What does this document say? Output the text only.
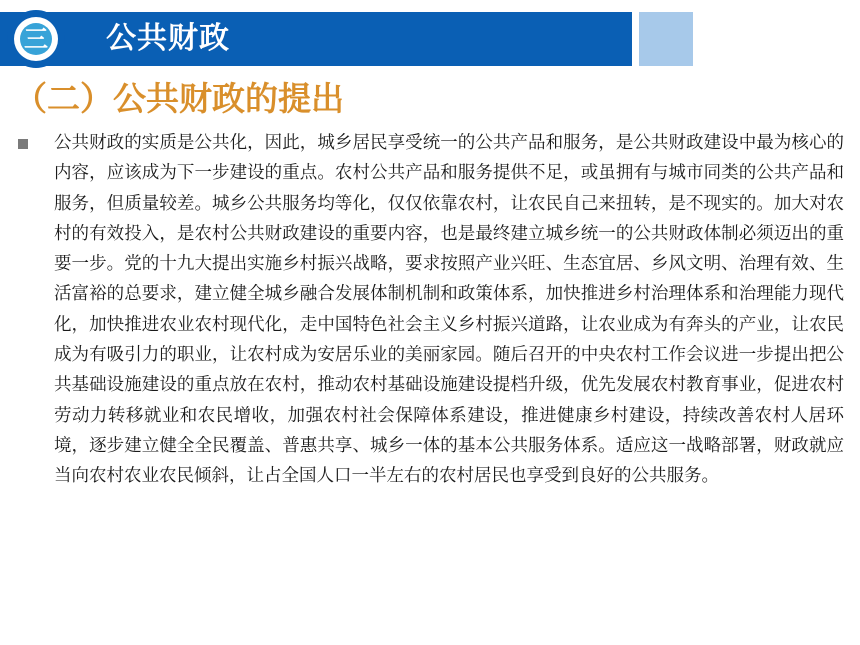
三 公共财政
（二）公共财政的提出
公共财政的实质是公共化，因此，城乡居民享受统一的公共产品和服务，是公共财政建设中最为核心的内容，应该成为下一步建设的重点。农村公共产品和服务提供不足，或虽拥有与城市同类的公共产品和服务，但质量较差。城乡公共服务均等化，仅仅依靠农村，让农民自己来扭转，是不现实的。加大对农村的有效投入，是农村公共财政建设的重要内容，也是最终建立城乡统一的公共财政体制必须迈出的重要一步。党的十九大提出实施乡村振兴战略，要求按照产业兴旺、生态宜居、乡风文明、治理有效、生活富裕的总要求，建立健全城乡融合发展体制机制和政策体系，加快推进乡村治理体系和治理能力现代化，加快推进农业农村现代化，走中国特色社会主义乡村振兴道路，让农业成为有奔头的产业，让农民成为有吸引力的职业，让农村成为安居乐业的美丽家园。随后召开的中央农村工作会议进一步提出把公共基础设施建设的重点放在农村，推动农村基础设施建设提档升级，优先发展农村教育事业，促进农村劳动力转移就业和农民增收，加强农村社会保障体系建设，推进健康乡村建设，持续改善农村人居环境，逐步建立健全全民覆盖、普惠共享、城乡一体的基本公共服务体系。适应这一战略部署，财政就应当向农村农业农民倾斜，让占全国人口一半左右的农村居民也享受到良好的公共服务。
